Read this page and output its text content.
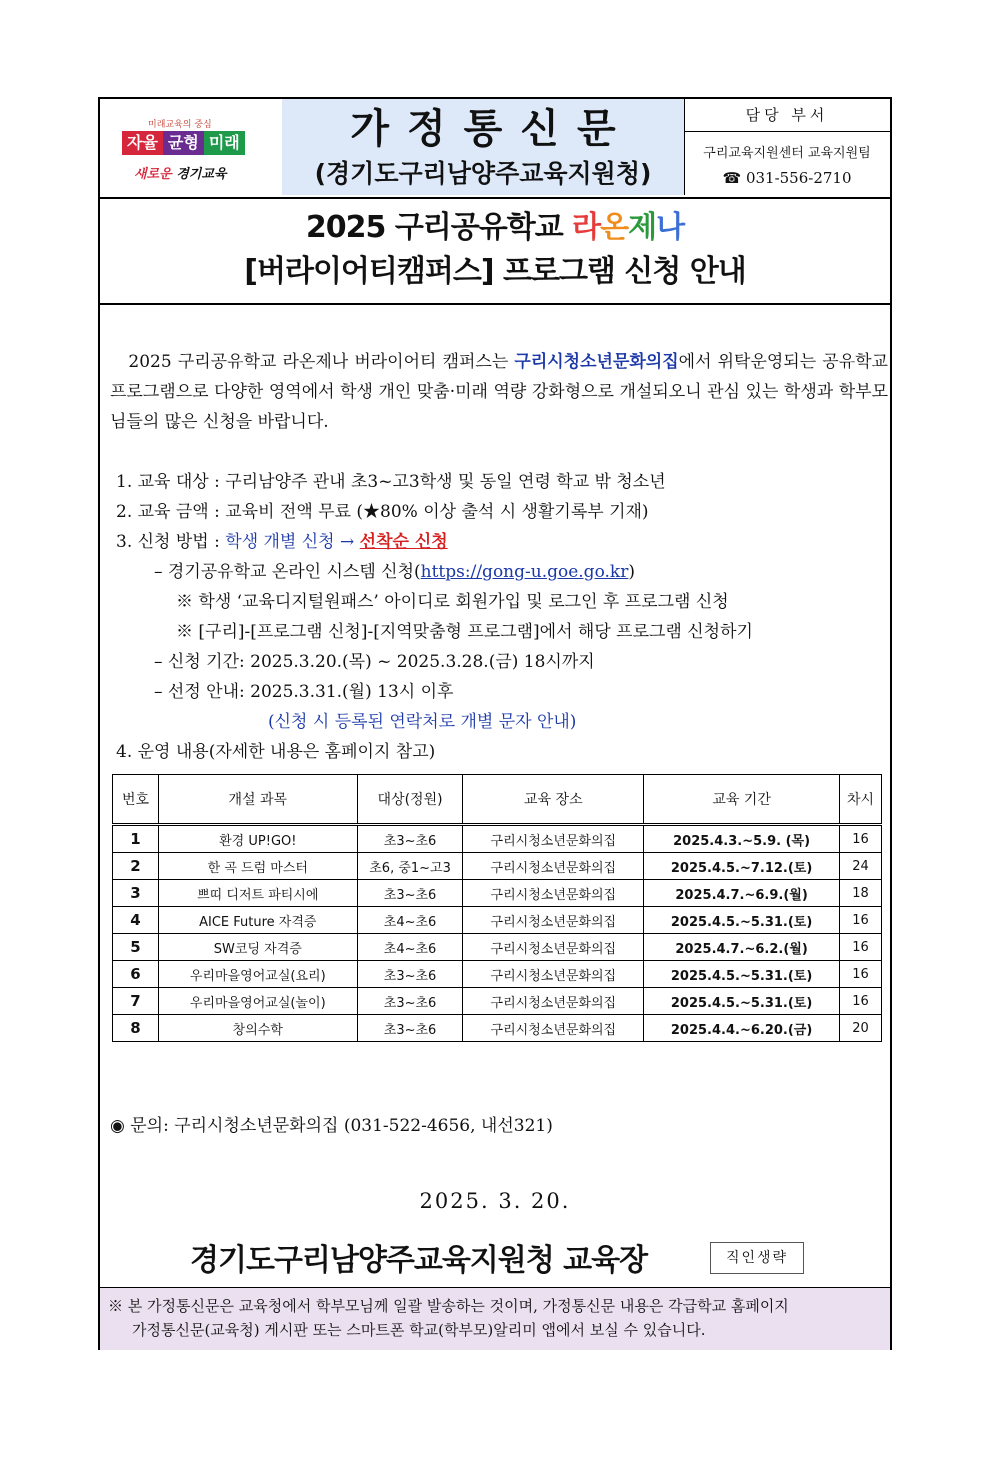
미래교육의 중심
자율 균형 미래
새로운 경기교육
가정통신문
(경기도구리남양주교육지원청)
담당 부서
구리교육지원센터 교육지원팀
☎ 031-556-2710
2025 구리공유학교 라온제나
[버라이어티캠퍼스] 프로그램 신청 안내
2025 구리공유학교 라온제나 버라이어티 캠퍼스는 구리시청소년문화의집에서 위탁운영되는 공유학교 프로그램으로 다양한 영역에서 학생 개인 맞춤·미래 역량 강화형으로 개설되오니 관심 있는 학생과 학부모님들의 많은 신청을 바랍니다.
1. 교육 대상 : 구리남양주 관내 초3~고3학생 및 동일 연령 학교 밖 청소년
2. 교육 금액 : 교육비 전액 무료 (★80% 이상 출석 시 생활기록부 기재)
3. 신청 방법 : 학생 개별 신청 → 선착순 신청
– 경기공유학교 온라인 시스템 신청(https://gong-u.goe.go.kr)
※ 학생 ‘교육디지털원패스’ 아이디로 회원가입 및 로그인 후 프로그램 신청
※ [구리]-[프로그램 신청]-[지역맞춤형 프로그램]에서 해당 프로그램 신청하기
– 신청 기간: 2025.3.20.(목) ~ 2025.3.28.(금) 18시까지
– 선정 안내: 2025.3.31.(월) 13시 이후
(신청 시 등록된 연락처로 개별 문자 안내)
4. 운영 내용(자세한 내용은 홈페이지 참고)
번호	개설 과목	대상(정원)	교육 장소	교육 기간	차시
1	환경 UP!GO!	초3~초6	구리시청소년문화의집	2025.4.3.~5.9. (목)	16
2	한 곡 드럼 마스터	초6, 중1~고3	구리시청소년문화의집	2025.4.5.~7.12.(토)	24
3	쁘띠 디저트 파티시에	초3~초6	구리시청소년문화의집	2025.4.7.~6.9.(월)	18
4	AICE Future 자격증	초4~초6	구리시청소년문화의집	2025.4.5.~5.31.(토)	16
5	SW코딩 자격증	초4~초6	구리시청소년문화의집	2025.4.7.~6.2.(월)	16
6	우리마을영어교실(요리)	초3~초6	구리시청소년문화의집	2025.4.5.~5.31.(토)	16
7	우리마을영어교실(놀이)	초3~초6	구리시청소년문화의집	2025.4.5.~5.31.(토)	16
8	창의수학	초3~초6	구리시청소년문화의집	2025.4.4.~6.20.(금)	20
◉ 문의: 구리시청소년문화의집 (031-522-4656, 내선321)
2025. 3. 20.
경기도구리남양주교육지원청 교육장	직인생략
※ 본 가정통신문은 교육청에서 학부모님께 일괄 발송하는 것이며, 가정통신문 내용은 각급학교 홈페이지
가정통신문(교육청) 게시판 또는 스마트폰 학교(학부모)알리미 앱에서 보실 수 있습니다.
